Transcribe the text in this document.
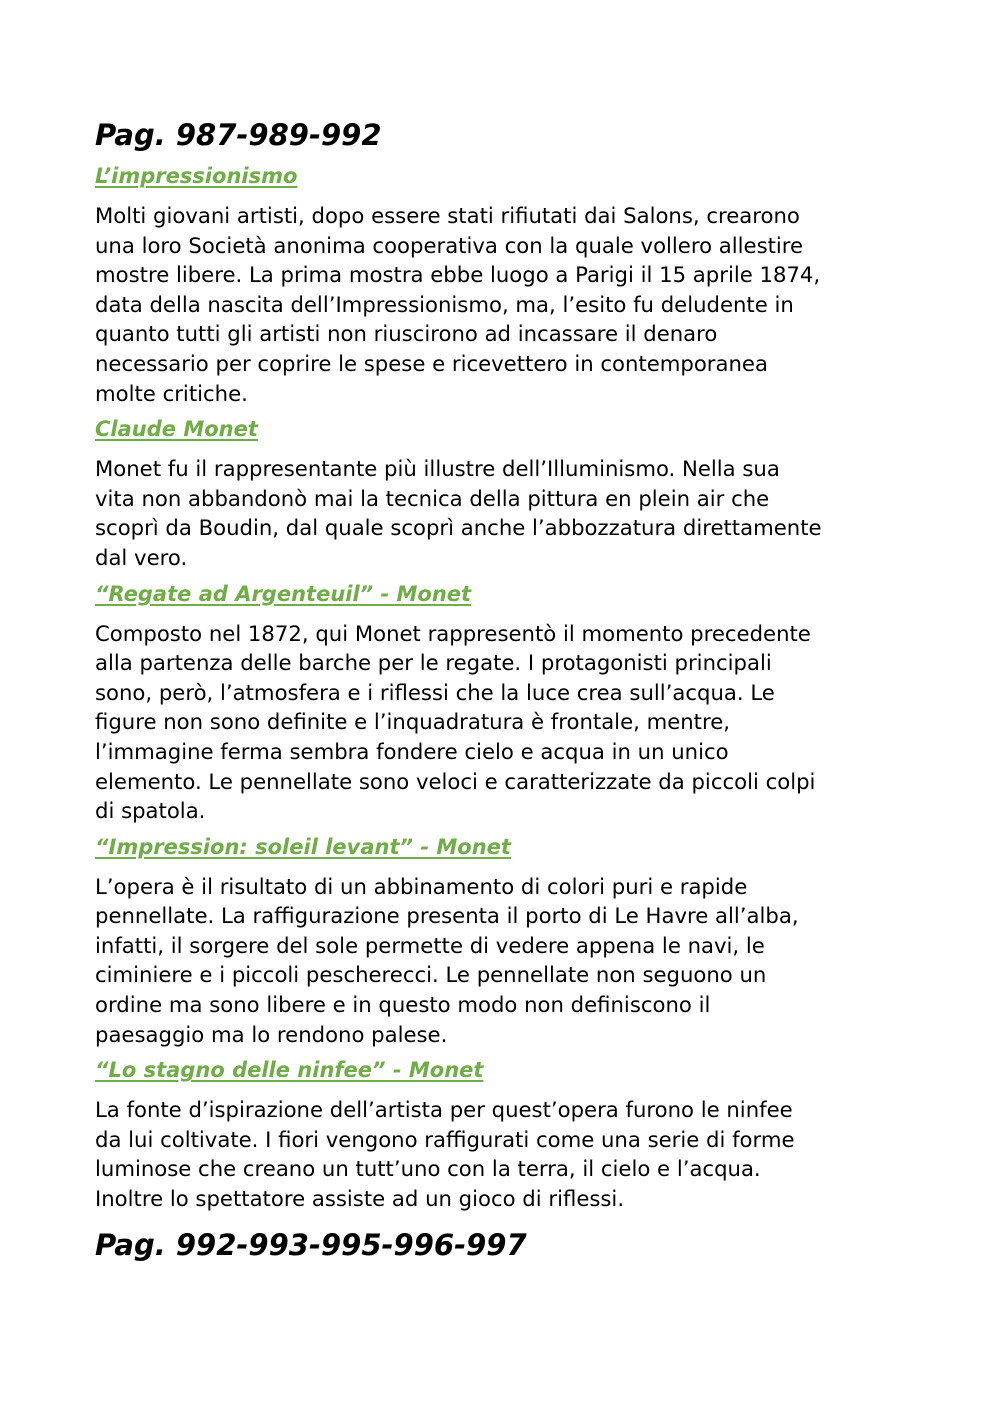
Pag. 987-989-992
L’impressionismo
Molti giovani artisti, dopo essere stati rifiutati dai Salons, crearono
una loro Società anonima cooperativa con la quale vollero allestire
mostre libere. La prima mostra ebbe luogo a Parigi il 15 aprile 1874,
data della nascita dell’Impressionismo, ma, l’esito fu deludente in
quanto tutti gli artisti non riuscirono ad incassare il denaro
necessario per coprire le spese e ricevettero in contemporanea
molte critiche.
Claude Monet
Monet fu il rappresentante più illustre dell’Illuminismo. Nella sua
vita non abbandonò mai la tecnica della pittura en plein air che
scoprì da Boudin, dal quale scoprì anche l’abbozzatura direttamente
dal vero.
“Regate ad Argenteuil” - Monet
Composto nel 1872, qui Monet rappresentò il momento precedente
alla partenza delle barche per le regate. I protagonisti principali
sono, però, l’atmosfera e i riflessi che la luce crea sull’acqua. Le
figure non sono definite e l’inquadratura è frontale, mentre,
l’immagine ferma sembra fondere cielo e acqua in un unico
elemento. Le pennellate sono veloci e caratterizzate da piccoli colpi
di spatola.
“Impression: soleil levant” - Monet
L’opera è il risultato di un abbinamento di colori puri e rapide
pennellate. La raffigurazione presenta il porto di Le Havre all’alba,
infatti, il sorgere del sole permette di vedere appena le navi, le
ciminiere e i piccoli pescherecci. Le pennellate non seguono un
ordine ma sono libere e in questo modo non definiscono il
paesaggio ma lo rendono palese.
“Lo stagno delle ninfee” - Monet
La fonte d’ispirazione dell’artista per quest’opera furono le ninfee
da lui coltivate. I fiori vengono raffigurati come una serie di forme
luminose che creano un tutt’uno con la terra, il cielo e l’acqua.
Inoltre lo spettatore assiste ad un gioco di riflessi.
Pag. 992-993-995-996-997
